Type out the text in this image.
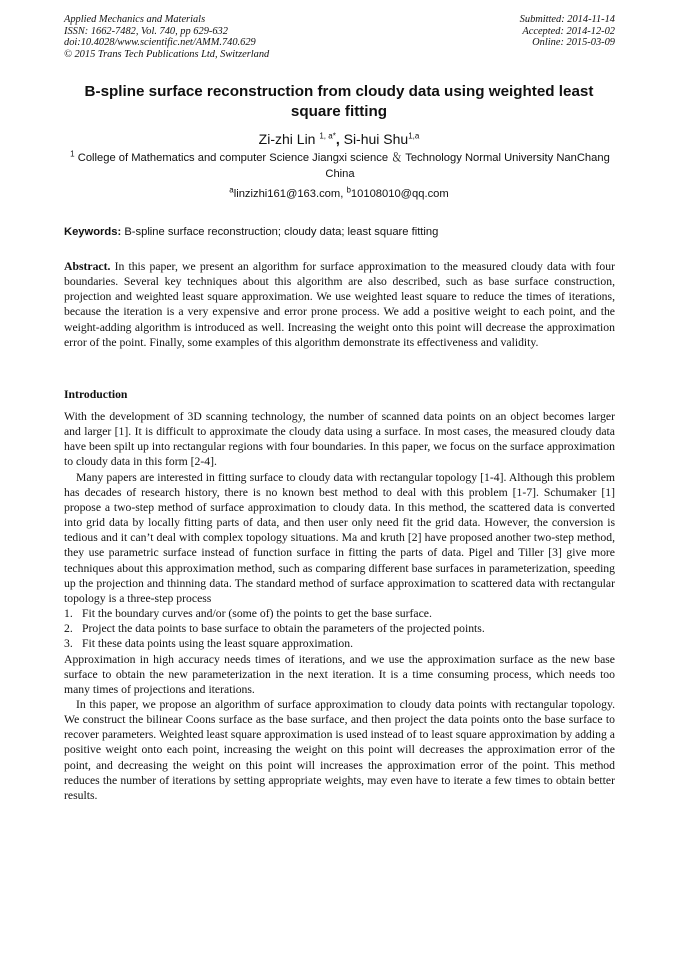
Applied Mechanics and Materials
ISSN: 1662-7482, Vol. 740, pp 629-632
doi:10.4028/www.scientific.net/AMM.740.629
© 2015 Trans Tech Publications Ltd, Switzerland
Submitted: 2014-11-14
Accepted: 2014-12-02
Online: 2015-03-09
B-spline surface reconstruction from cloudy data using weighted least square fitting
Zi-zhi Lin $^{1, a*}$, Si-hui Shu$^{1,a}$
$^1$ College of Mathematics and computer Science Jiangxi science ＆ Technology Normal University NanChang China
$^a$linzizhi161@163.com, $^b$10108010@qq.com
Keywords: B-spline surface reconstruction; cloudy data; least square fitting

Abstract. In this paper, we present an algorithm for surface approximation to the measured cloudy data with four boundaries. Several key techniques about this algorithm are also described, such as base surface construction, projection and weighted least square approximation. We use weighted least square to reduce the times of iterations, because the iteration is a very expensive and error prone process. We add a positive weight to each point, and the weight-adding algorithm is introduced as well. Increasing the weight onto this point will decrease the approximation error of the point. Finally, some examples of this algorithm demonstrate its effectiveness and validity.

Introduction

With the development of 3D scanning technology, the number of scanned data points on an object becomes larger and larger [1]. It is difficult to approximate the cloudy data using a surface. In most cases, the measured cloudy data have been spilt up into rectangular regions with four boundaries. In this paper, we focus on the surface approximation to cloudy data in this form [2-4].

Many papers are interested in fitting surface to cloudy data with rectangular topology [1-4]. Although this problem has decades of research history, there is no known best method to deal with this problem [1-7]. Schumaker [1] propose a two-step method of surface approximation to cloudy data. In this method, the scattered data is converted into grid data by locally fitting parts of data, and then user only need fit the grid data. However, the conversion is tedious and it can’t deal with complex topology situations. Ma and kruth [2] have proposed another two-step method, they use parametric surface instead of function surface in fitting the parts of data. Pigel and Tiller [3] give more techniques about this approximation method, such as comparing different base surfaces in parameterization, speeding up the projection and thinning data. The standard method of surface approximation to scattered data with rectangular topology is a three-step process

1. Fit the boundary curves and/or (some of) the points to get the base surface.
2. Project the data points to base surface to obtain the parameters of the projected points.
3. Fit these data points using the least square approximation.

Approximation in high accuracy needs times of iterations, and we use the approximation surface as the new base surface to obtain the new parameterization in the next iteration. It is a time consuming process, which needs too many times of projections and iterations.

In this paper, we propose an algorithm of surface approximation to cloudy data points with rectangular topology. We construct the bilinear Coons surface as the base surface, and then project the data points onto the base surface to recover parameters. Weighted least square approximation is used instead of to least square approximation by adding a positive weight onto each point, increasing the weight on this point will decreases the approximation error of the point, and decreasing the weight on this point will increases the approximation error of the point. This method reduces the number of iterations by setting appropriate weights, may even have to iterate a few times to obtain better results.
